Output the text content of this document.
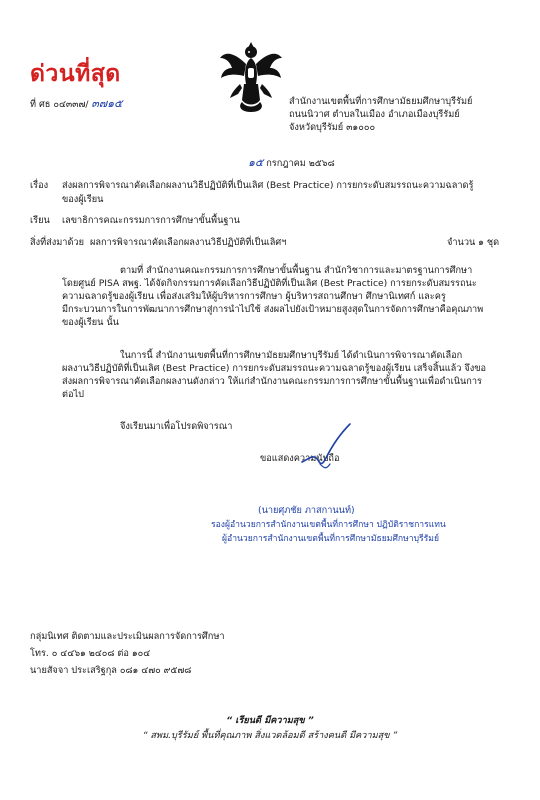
ด่วนที่สุด
ที่ ศธ ๐๔๓๓๗/ ๓๗๑๕	สำนักงานเขตพื้นที่การศึกษามัธยมศึกษาบุรีรัมย์
ถนนนิวาศ ตำบลในเมือง อำเภอเมืองบุรีรัมย์
จังหวัดบุรีรัมย์ ๓๑๐๐๐
๑๕ กรกฎาคม ๒๕๖๘
เรื่อง ส่งผลการพิจารณาคัดเลือกผลงานวิธีปฏิบัติที่เป็นเลิศ (Best Practice) การยกระดับสมรรถนะความฉลาดรู้
ของผู้เรียน
เรียน เลขาธิการคณะกรรมการการศึกษาขั้นพื้นฐาน
สิ่งที่ส่งมาด้วย ผลการพิจารณาคัดเลือกผลงานวิธีปฏิบัติที่เป็นเลิศฯ	จำนวน ๑ ชุด
ตามที่ สำนักงานคณะกรรมการการศึกษาขั้นพื้นฐาน สำนักวิชาการและมาตรฐานการศึกษา
โดยศูนย์ PISA สพฐ. ได้จัดกิจกรรมการคัดเลือกวิธีปฏิบัติที่เป็นเลิศ (Best Practice) การยกระดับสมรรถนะ
ความฉลาดรู้ของผู้เรียน เพื่อส่งเสริมให้ผู้บริหารการศึกษา ผู้บริหารสถานศึกษา ศึกษานิเทศก์ และครู
มีกระบวนการในการพัฒนาการศึกษาสู่การนำไปใช้ ส่งผลไปยังเป้าหมายสูงสุดในการจัดการศึกษาคือคุณภาพ
ของผู้เรียน นั้น
ในการนี้ สำนักงานเขตพื้นที่การศึกษามัธยมศึกษาบุรีรัมย์ ได้ดำเนินการพิจารณาคัดเลือก
ผลงานวิธีปฏิบัติที่เป็นเลิศ (Best Practice) การยกระดับสมรรถนะความฉลาดรู้ของผู้เรียน เสร็จสิ้นแล้ว จึงขอ
ส่งผลการพิจารณาคัดเลือกผลงานดังกล่าว ให้แก่สำนักงานคณะกรรมการการศึกษาขั้นพื้นฐานเพื่อดำเนินการ
ต่อไป
จึงเรียนมาเพื่อโปรดพิจารณา
ขอแสดงความนับถือ
(นายศุภชัย ภาสกานนท์)
รองผู้อำนวยการสำนักงานเขตพื้นที่การศึกษา ปฏิบัติราชการแทน
ผู้อำนวยการสำนักงานเขตพื้นที่การศึกษามัธยมศึกษาบุรีรัมย์
กลุ่มนิเทศ ติดตามและประเมินผลการจัดการศึกษา
โทร. ๐ ๔๔๖๑ ๒๔๐๘ ต่อ ๑๐๔
นายสัจจา ประเสริฐกุล ๐๘๑ ๔๗๐ ๙๕๗๘
“ เรียนดี มีความสุข ”
“ สพม.บุรีรัมย์ พื้นที่คุณภาพ สิ่งแวดล้อมดี สร้างคนดี มีความสุข ”
